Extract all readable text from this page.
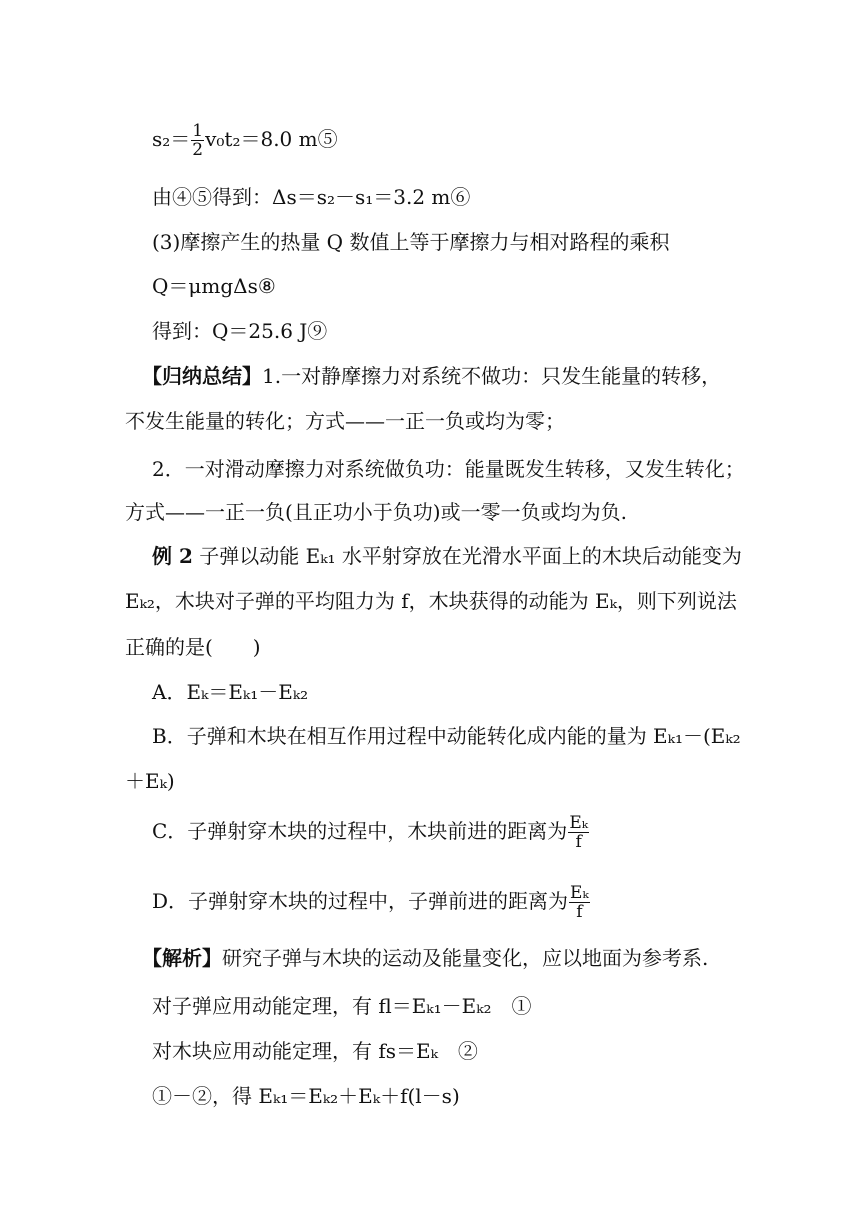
$s_2= \frac{1}{2} v_0t_2=8.0$ m⑤
由④⑤得到：Δs＝s₂－s₁＝3.2 m⑥
(3)摩擦产生的热量 Q 数值上等于摩擦力与相对路程的乘积
Q＝μmgΔs⑧
得到：Q＝25.6 J⑨
【归纳总结】1.一对静摩擦力对系统不做功：只发生能量的转移，
不发生能量的转化；方式——一正一负或均为零；
2．一对滑动摩擦力对系统做负功：能量既发生转移，又发生转化；
方式——一正一负(且正功小于负功)或一零一负或均为负.
例 2 子弹以动能 Eₖ₁ 水平射穿放在光滑水平面上的木块后动能变为
Eₖ₂，木块对子弹的平均阻力为 f，木块获得的动能为 Eₖ，则下列说法
正确的是(　　)
A．Eₖ＝Eₖ₁－Eₖ₂
B．子弹和木块在相互作用过程中动能转化成内能的量为 Eₖ₁－(Eₖ₂
＋Eₖ)
C．子弹射穿木块的过程中，木块前进的距离为 $\frac{\text{Eₖ}}{f}$
D．子弹射穿木块的过程中，子弹前进的距离为 $\frac{\text{Eₖ}}{f}$
【解析】研究子弹与木块的运动及能量变化，应以地面为参考系.
对子弹应用动能定理，有 fl＝Eₖ₁－Eₖ₂　①
对木块应用动能定理，有 fs＝Eₖ　②
①－②，得 Eₖ₁＝Eₖ₂＋Eₖ＋f(l－s)
